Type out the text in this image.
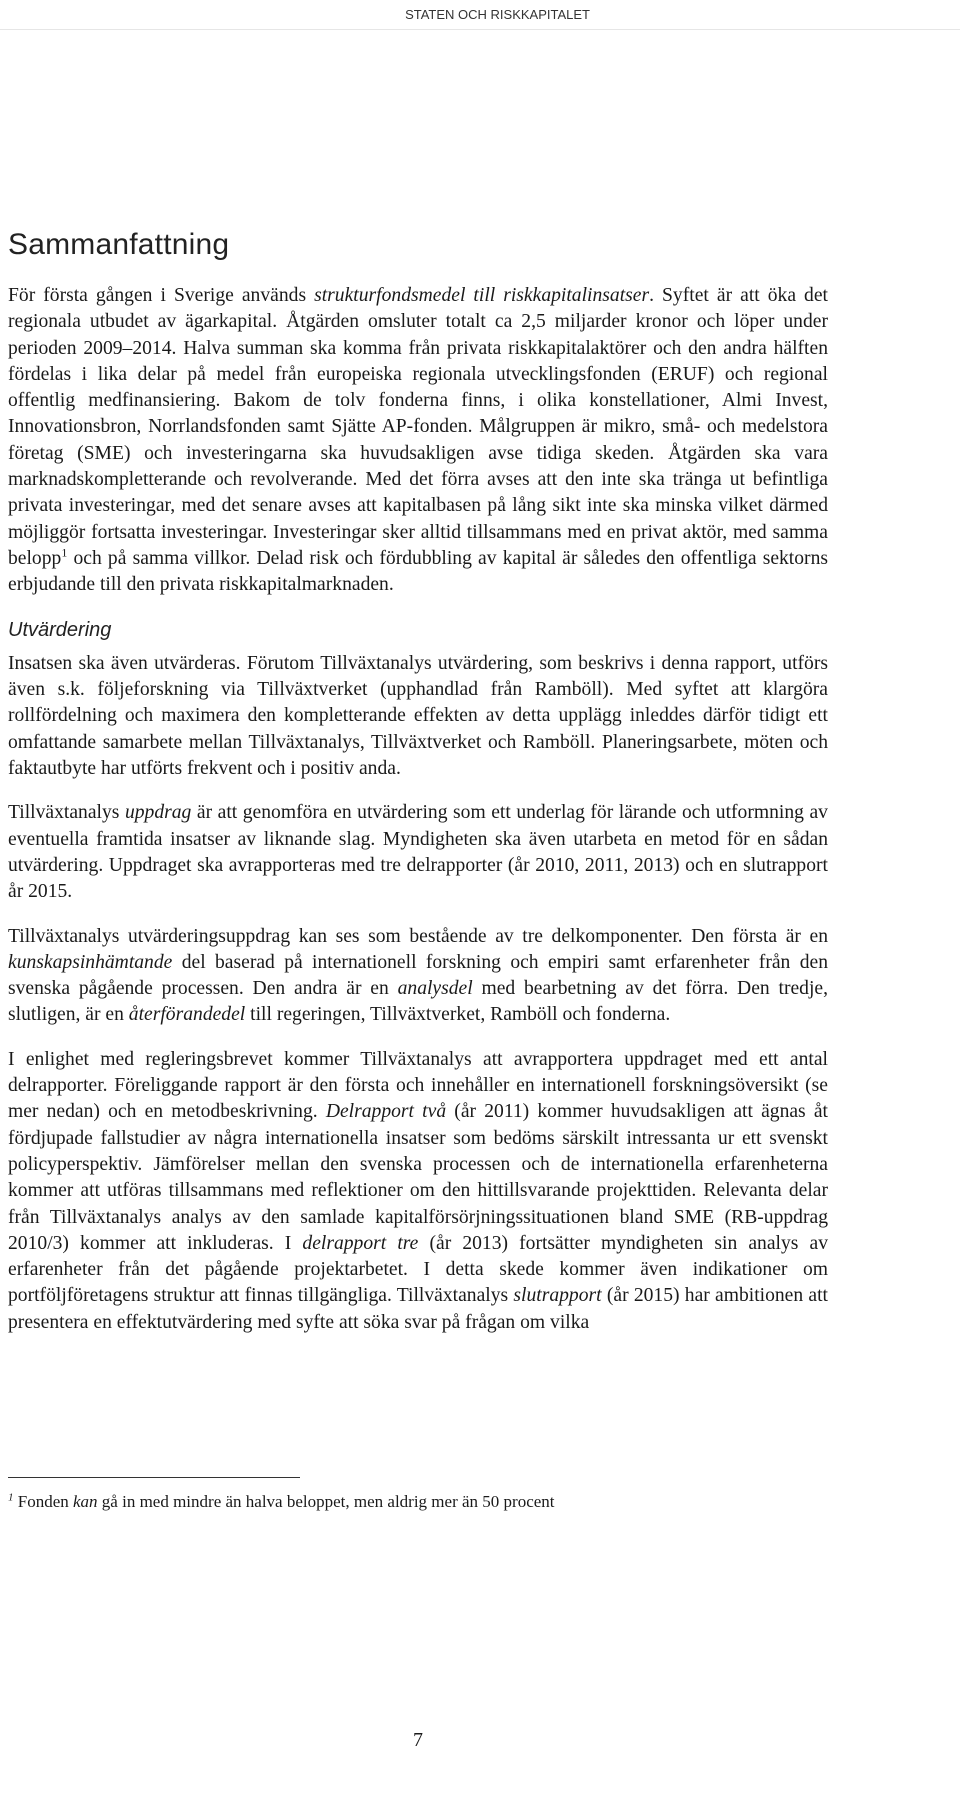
STATEN OCH RISKKAPITALET
Sammanfattning

För första gången i Sverige används strukturfondsmedel till riskkapitalinsatser. Syftet är att öka det regionala utbudet av ägarkapital. Åtgärden omsluter totalt ca 2,5 miljarder kronor och löper under perioden 2009–2014. Halva summan ska komma från privata riskkapitalaktörer och den andra hälften fördelas i lika delar på medel från europeiska regionala utvecklingsfonden (ERUF) och regional offentlig medfinansiering. Bakom de tolv fonderna finns, i olika konstellationer, Almi Invest, Innovationsbron, Norrlandsfonden samt Sjätte AP-fonden. Målgruppen är mikro, små- och medelstora företag (SME) och investeringarna ska huvudsakligen avse tidiga skeden. Åtgärden ska vara marknadskompletterande och revolverande. Med det förra avses att den inte ska tränga ut befintliga privata investeringar, med det senare avses att kapitalbasen på lång sikt inte ska minska vilket därmed möjliggör fortsatta investeringar. Investeringar sker alltid tillsammans med en privat aktör, med samma belopp$^1$ och på samma villkor. Delad risk och fördubbling av kapital är således den offentliga sektorns erbjudande till den privata riskkapitalmarknaden.

Utvärdering

Insatsen ska även utvärderas. Förutom Tillväxtanalys utvärdering, som beskrivs i denna rapport, utförs även s.k. följeforskning via Tillväxtverket (upphandlad från Ramböll). Med syftet att klargöra rollfördelning och maximera den kompletterande effekten av detta upplägg inleddes därför tidigt ett omfattande samarbete mellan Tillväxtanalys, Tillväxtverket och Ramböll. Planeringsarbete, möten och faktautbyte har utförts frekvent och i positiv anda.

Tillväxtanalys uppdrag är att genomföra en utvärdering som ett underlag för lärande och utformning av eventuella framtida insatser av liknande slag. Myndigheten ska även utarbeta en metod för en sådan utvärdering. Uppdraget ska avrapporteras med tre delrapporter (år 2010, 2011, 2013) och en slutrapport år 2015.

Tillväxtanalys utvärderingsuppdrag kan ses som bestående av tre delkomponenter. Den första är en kunskapsinhämtande del baserad på internationell forskning och empiri samt erfarenheter från den svenska pågående processen. Den andra är en analysdel med bearbetning av det förra. Den tredje, slutligen, är en återförandedel till regeringen, Tillväxtverket, Ramböll och fonderna.

I enlighet med regleringsbrevet kommer Tillväxtanalys att avrapportera uppdraget med ett antal delrapporter. Föreliggande rapport är den första och innehåller en internationell forskningsöversikt (se mer nedan) och en metodbeskrivning. Delrapport två (år 2011) kommer huvudsakligen att ägnas åt fördjupade fallstudier av några internationella insatser som bedöms särskilt intressanta ur ett svenskt policyperspektiv. Jämförelser mellan den svenska processen och de internationella erfarenheterna kommer att utföras tillsammans med reflektioner om den hittillsvarande projekttiden. Relevanta delar från Tillväxtanalys analys av den samlade kapitalförsörjningssituationen bland SME (RB-uppdrag 2010/3) kommer att inkluderas. I delrapport tre (år 2013) fortsätter myndigheten sin analys av erfarenheter från det pågående projektarbetet. I detta skede kommer även indikationer om portföljföretagens struktur att finnas tillgängliga. Tillväxtanalys slutrapport (år 2015) har ambitionen att presentera en effektutvärdering med syfte att söka svar på frågan om vilka

$^1$ Fonden kan gå in med mindre än halva beloppet, men aldrig mer än 50 procent
7
